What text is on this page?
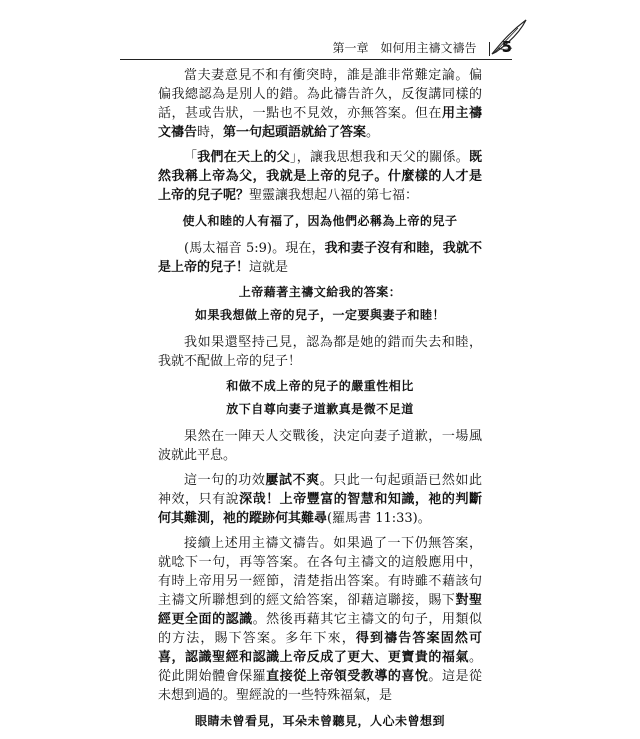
第一章 如何用主禱文禱告 5

當夫妻意見不和有衝突時，誰是誰非常難定論。偏偏我總認為是別人的錯。為此禱告許久，反復講同樣的話，甚或告狀，一點也不見效，亦無答案。但在用主禱文禱告時，第一句起頭語就給了答案。

「我們在天上的父」，讓我思想我和天父的關係。既然我稱上帝為父，我就是上帝的兒子。什麼樣的人才是上帝的兒子呢？聖靈讓我想起八福的第七福：

使人和睦的人有福了，因為他們必稱為上帝的兒子

(馬太福音 5:9)。現在，我和妻子沒有和睦，我就不是上帝的兒子！這就是

上帝藉著主禱文給我的答案：
如果我想做上帝的兒子，一定要與妻子和睦！

我如果還堅持己見，認為都是她的錯而失去和睦，我就不配做上帝的兒子！

和做不成上帝的兒子的嚴重性相比
放下自尊向妻子道歉真是微不足道

果然在一陣天人交戰後，決定向妻子道歉，一場風波就此平息。

這一句的功效屢試不爽。只此一句起頭語已然如此神效，只有說深哉！上帝豐富的智慧和知識，祂的判斷何其難測，祂的蹤跡何其難尋(羅馬書 11:33)。

接續上述用主禱文禱告。如果過了一下仍無答案，就唸下一句，再等答案。在各句主禱文的這般應用中，有時上帝用另一經節，清楚指出答案。有時雖不藉該句主禱文所聯想到的經文給答案，卻藉這聯接，賜下對聖經更全面的認識。然後再藉其它主禱文的句子，用類似的方法，賜下答案。多年下來，得到禱告答案固然可喜，認識聖經和認識上帝反成了更大、更寶貴的福氣。從此開始體會保羅直接從上帝領受教導的喜悅。這是從未想到過的。聖經說的一些特殊福氣，是

眼睛未曾看見，耳朵未曾聽見，人心未曾想到
